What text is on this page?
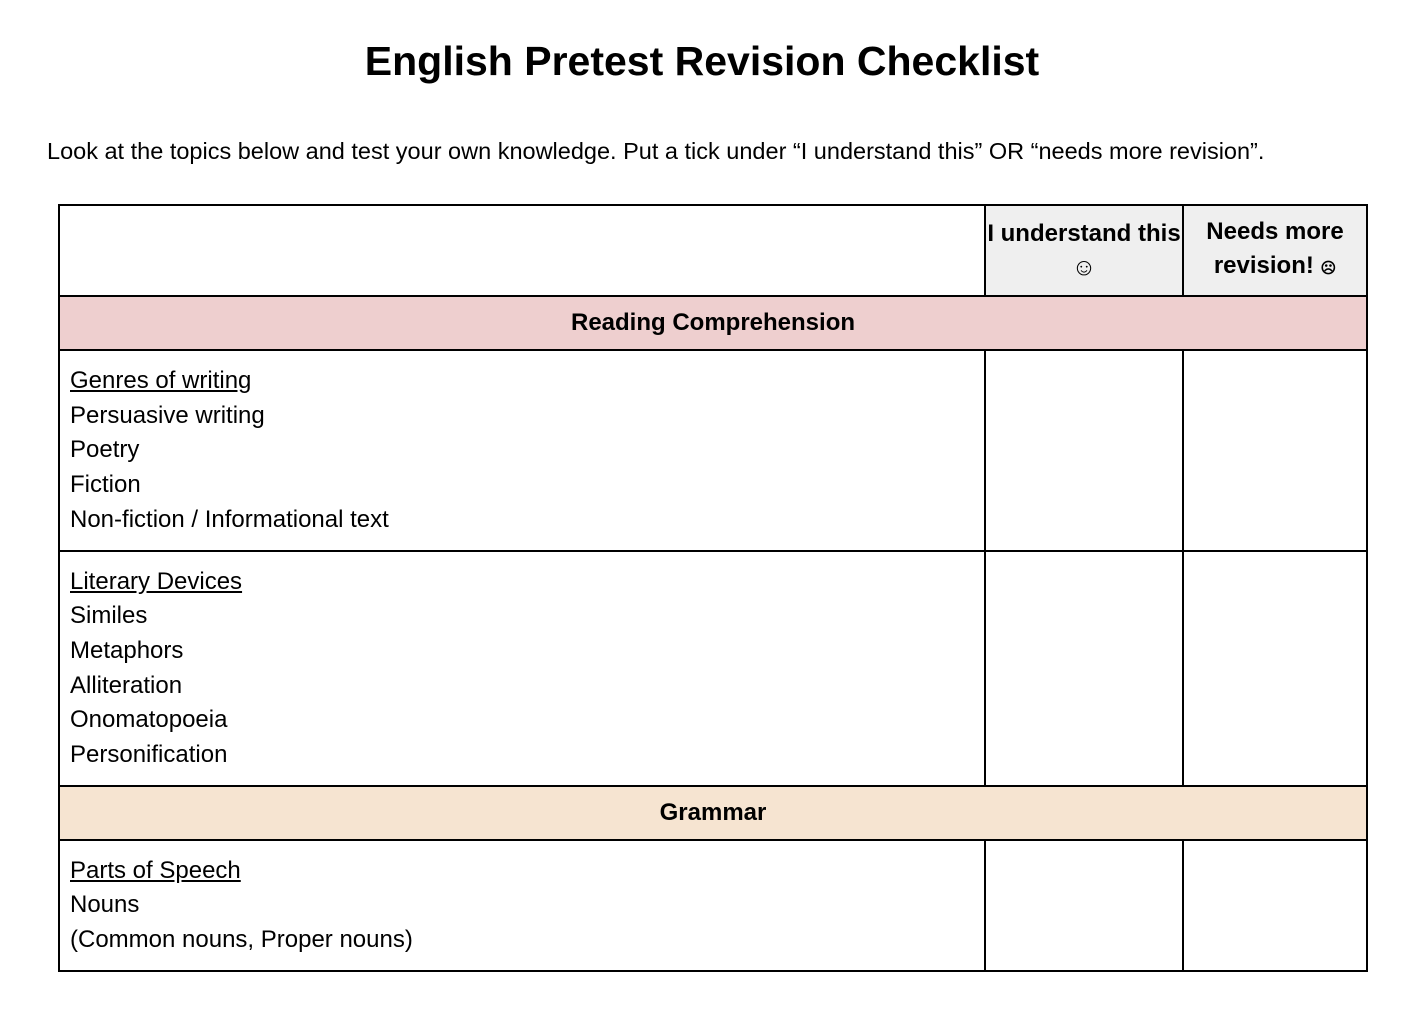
English Pretest Revision Checklist
Look at the topics below and test your own knowledge. Put a tick under “I understand this” OR “needs more revision”.
	I understand this ☺	Needs more revision! ☹
Reading Comprehension		

Genres of writing
Persuasive writing
Poetry
Fiction
Non-fiction / Informational text		

Literary Devices
Similes
Metaphors
Alliteration
Onomatopoeia
Personification

Grammar		

Parts of Speech
Nouns
(Common nouns, Proper nouns)		
